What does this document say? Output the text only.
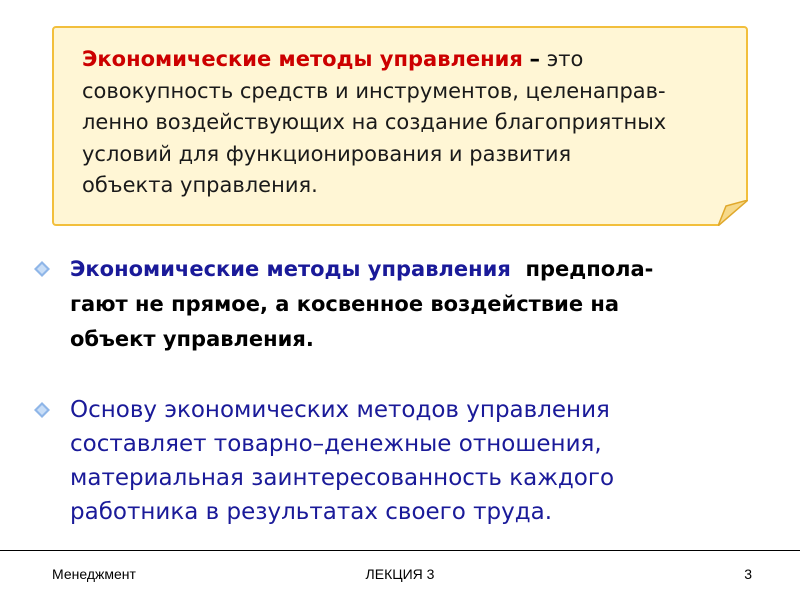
Экономические методы управления – это
совокупность средств и инструментов, целенаправ-
ленно воздействующих на создание благоприятных
условий для функционирования и развития
объекта управления.
Экономические методы управления предпола-
гают не прямое, а косвенное воздействие на
объект управления.
Основу экономических методов управления
составляет товарно–денежные отношения,
материальная заинтересованность каждого
работника в результатах своего труда.
Менеджмент	ЛЕКЦИЯ 3	3
